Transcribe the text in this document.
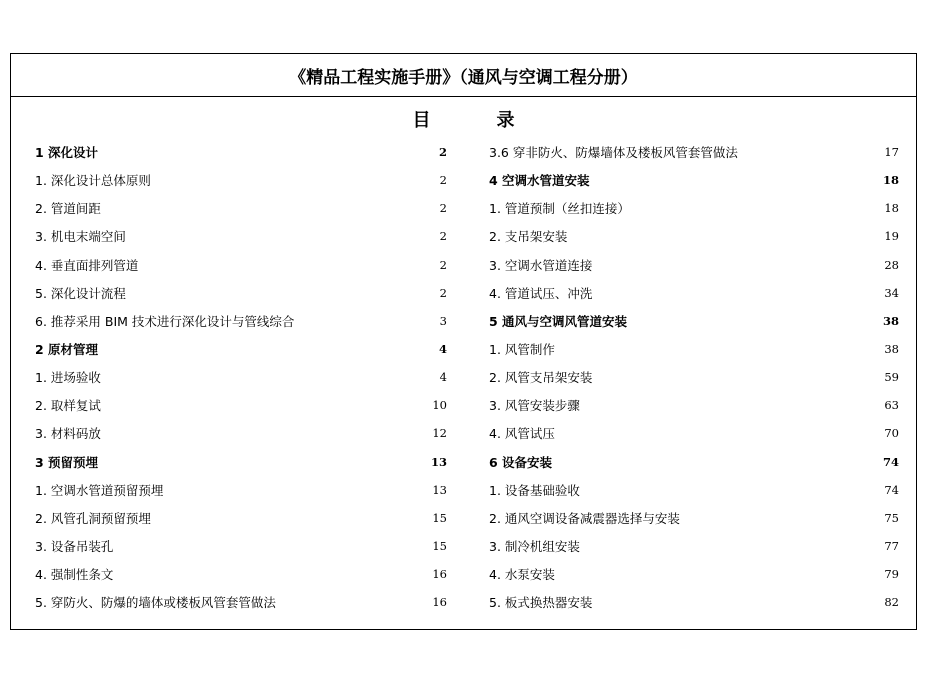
《精品工程实施手册》（通风与空调工程分册）
目录
1 深化设计	2
1. 深化设计总体原则	2
2. 管道间距	2
3. 机电末端空间	2
4. 垂直面排列管道	2
5. 深化设计流程	2
6. 推荐采用 BIM 技术进行深化设计与管线综合	3
2 原材管理	4
1. 进场验收	4
2. 取样复试	10
3. 材料码放	12
3 预留预埋	13
1. 空调水管道预留预埋	13
2. 风管孔洞预留预埋	15
3. 设备吊装孔	15
4. 强制性条文	16
5. 穿防火、防爆的墙体或楼板风管套管做法	16
3.6 穿非防火、防爆墙体及楼板风管套管做法	17
4 空调水管道安装	18
1. 管道预制（丝扣连接）	18
2. 支吊架安装	19
3. 空调水管道连接	28
4. 管道试压、冲洗	34
5 通风与空调风管道安装	38
1. 风管制作	38
2. 风管支吊架安装	59
3. 风管安装步骤	63
4. 风管试压	70
6 设备安装	74
1. 设备基础验收	74
2. 通风空调设备减震器选择与安装	75
3. 制冷机组安装	77
4. 水泵安装	79
5. 板式换热器安装	82
